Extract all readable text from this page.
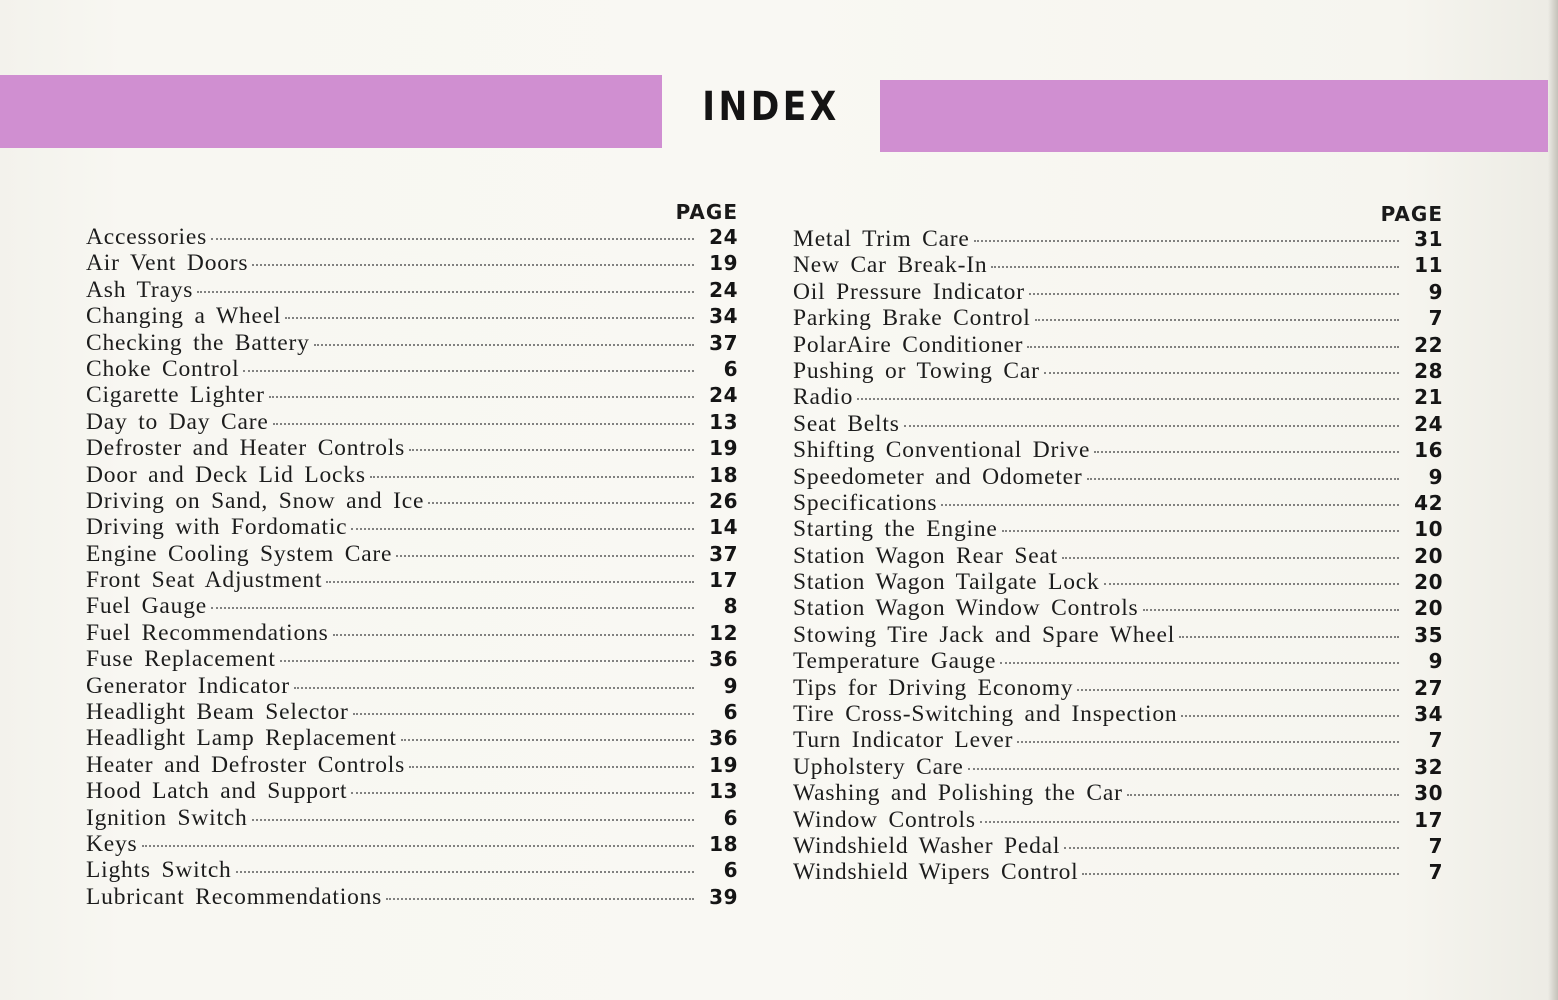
INDEX
PAGE
Accessories	24
Air Vent Doors	19
Ash Trays	24
Changing a Wheel	34
Checking the Battery	37
Choke Control	6
Cigarette Lighter	24
Day to Day Care	13
Defroster and Heater Controls	19
Door and Deck Lid Locks	18
Driving on Sand, Snow and Ice	26
Driving with Fordomatic	14
Engine Cooling System Care	37
Front Seat Adjustment	17
Fuel Gauge	8
Fuel Recommendations	12
Fuse Replacement	36
Generator Indicator	9
Headlight Beam Selector	6
Headlight Lamp Replacement	36
Heater and Defroster Controls	19
Hood Latch and Support	13
Ignition Switch	6
Keys	18
Lights Switch	6
Lubricant Recommendations	39
PAGE
Metal Trim Care	31
New Car Break-In	11
Oil Pressure Indicator	9
Parking Brake Control	7
PolarAire Conditioner	22
Pushing or Towing Car	28
Radio	21
Seat Belts	24
Shifting Conventional Drive	16
Speedometer and Odometer	9
Specifications	42
Starting the Engine	10
Station Wagon Rear Seat	20
Station Wagon Tailgate Lock	20
Station Wagon Window Controls	20
Stowing Tire Jack and Spare Wheel	35
Temperature Gauge	9
Tips for Driving Economy	27
Tire Cross-Switching and Inspection	34
Turn Indicator Lever	7
Upholstery Care	32
Washing and Polishing the Car	30
Window Controls	17
Windshield Washer Pedal	7
Windshield Wipers Control	7
